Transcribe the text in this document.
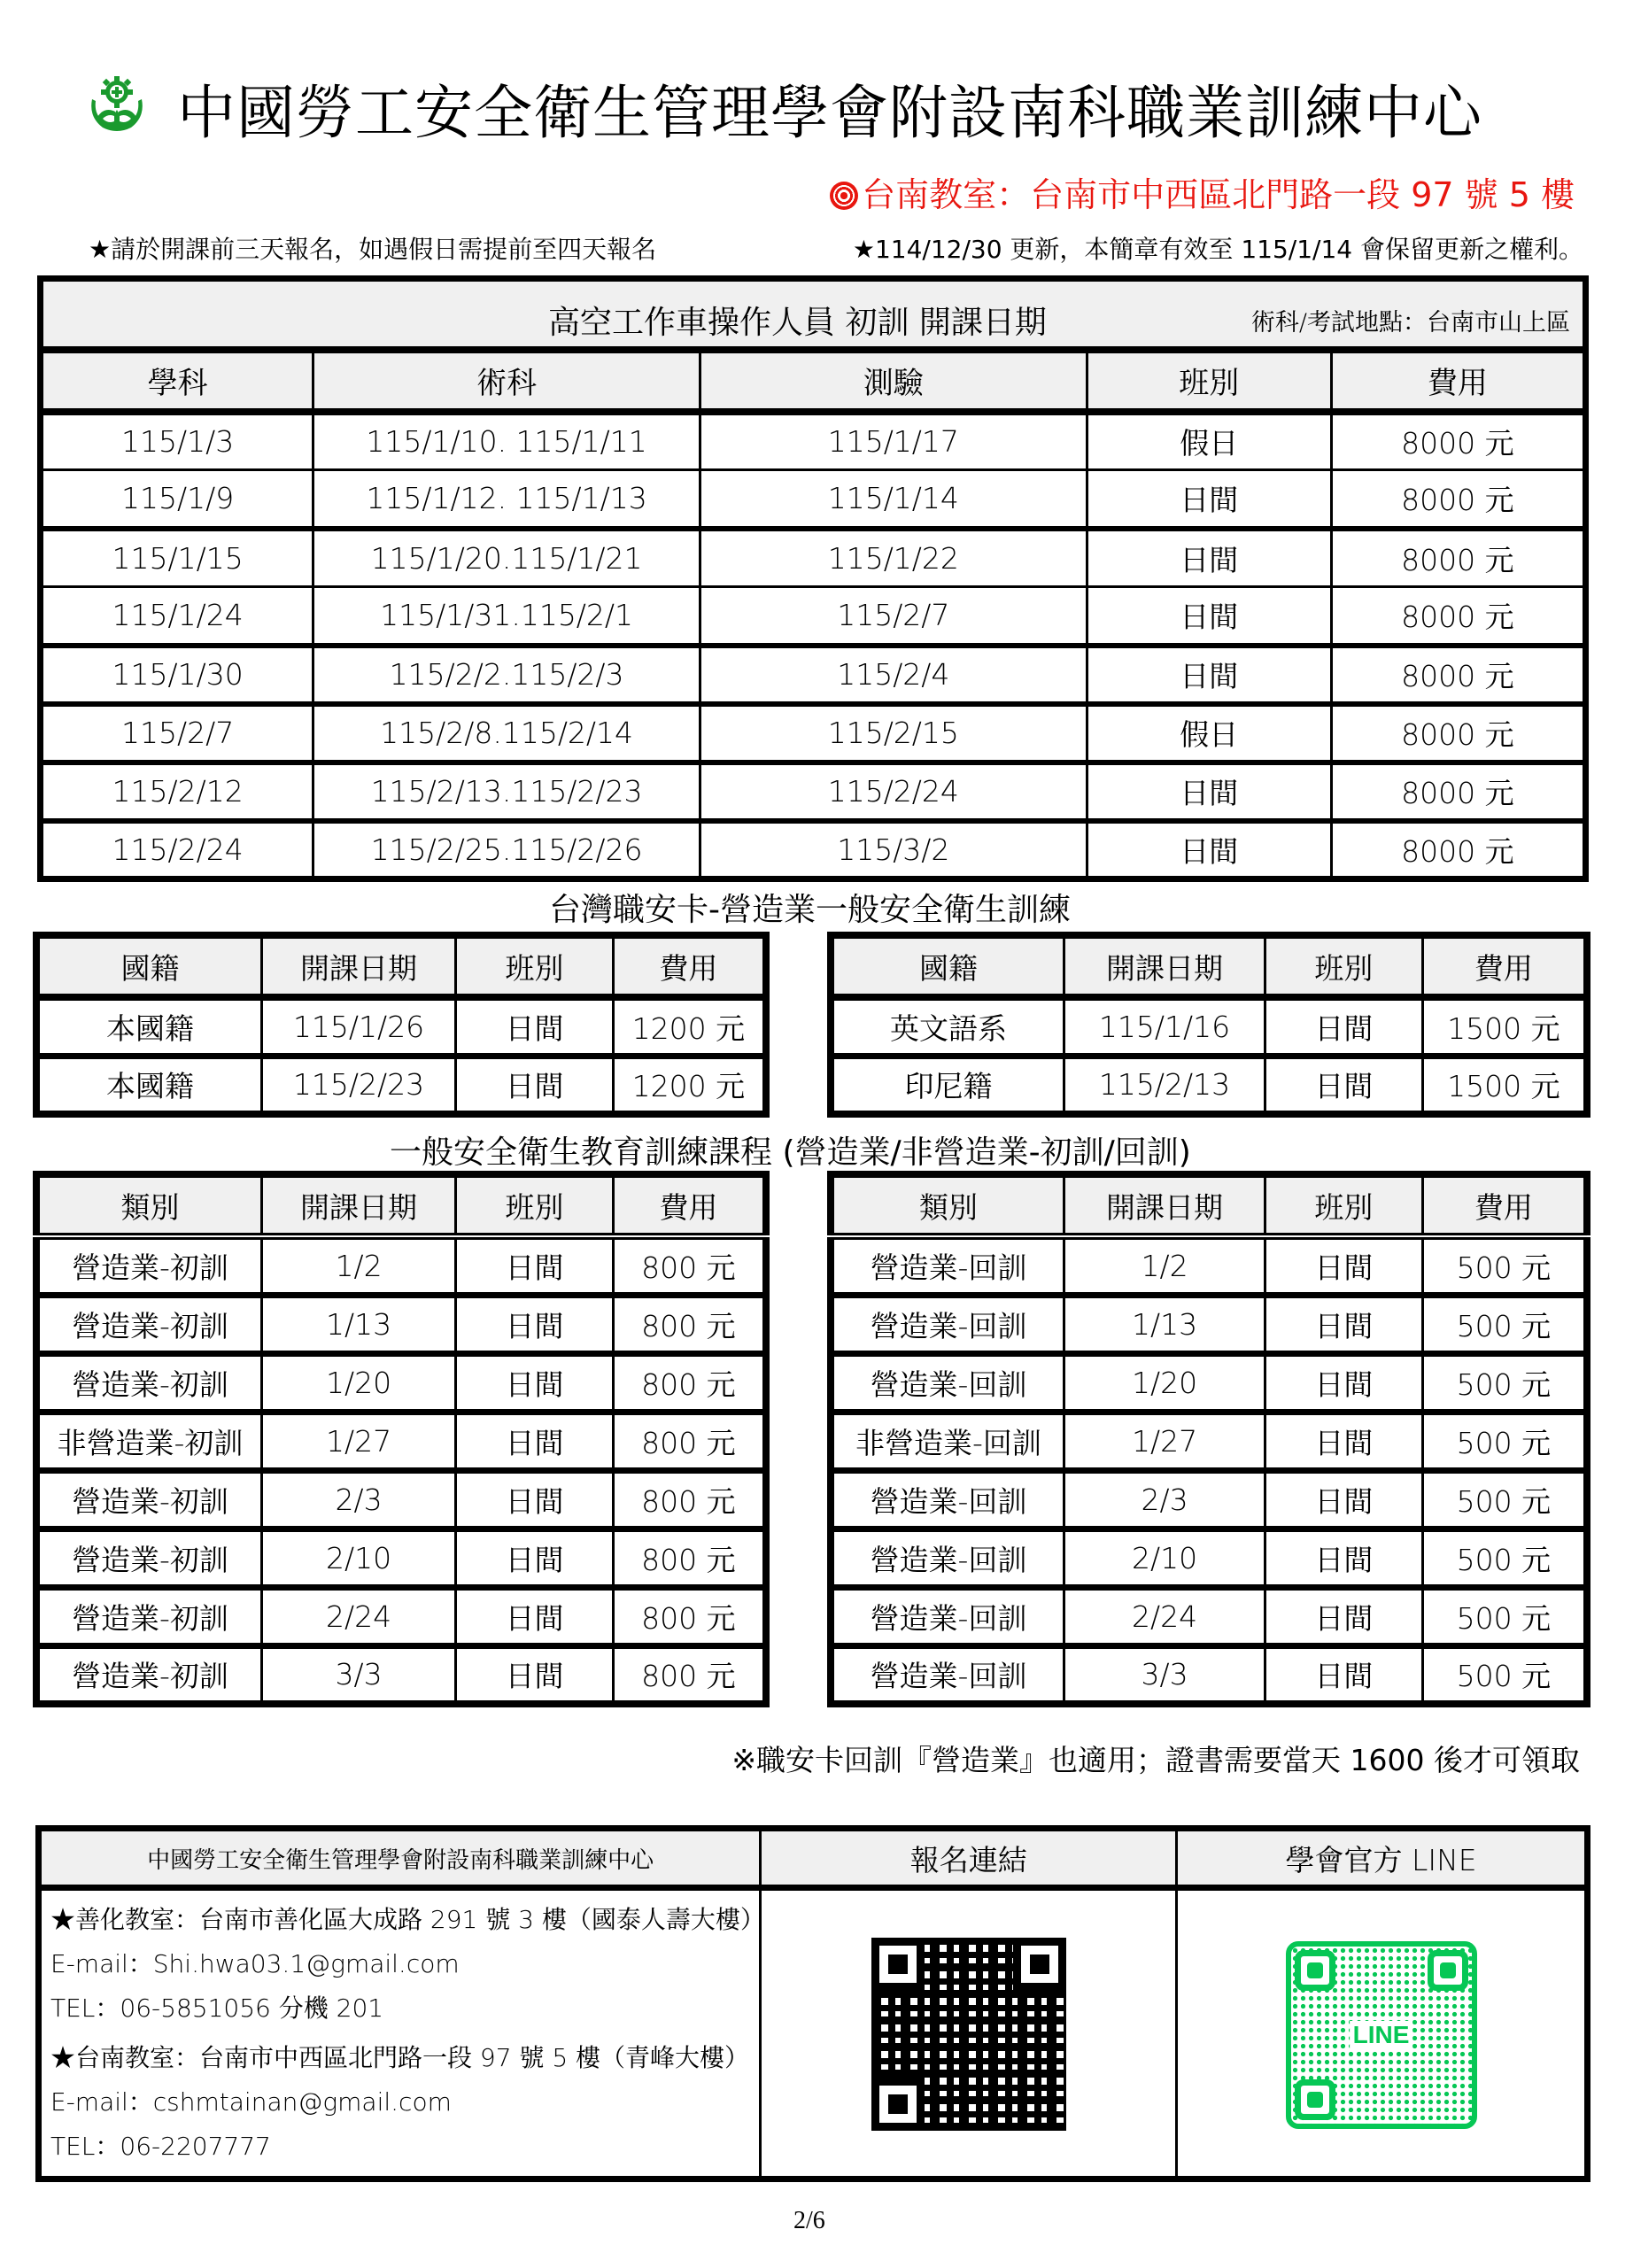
中國勞工安全衛生管理學會附設南科職業訓練中心
台南教室：台南市中西區北門路一段 97 號 5 樓
★請於開課前三天報名，如遇假日需提前至四天報名	★114/12/30 更新，本簡章有效至 115/1/14 會保留更新之權利。
高空工作車操作人員 初訓 開課日期 術科/考試地點：台南市山上區				

學科	術科	測驗	班別	費用
115/1/3	115/1/10. 115/1/11	115/1/17	假日	8000 元
115/1/9	115/1/12. 115/1/13	115/1/14	日間	8000 元
115/1/15	115/1/20.115/1/21	115/1/22	日間	8000 元
115/1/24	115/1/31.115/2/1	115/2/7	日間	8000 元
115/1/30	115/2/2.115/2/3	115/2/4	日間	8000 元
115/2/7	115/2/8.115/2/14	115/2/15	假日	8000 元
115/2/12	115/2/13.115/2/23	115/2/24	日間	8000 元
115/2/24	115/2/25.115/2/26	115/3/2	日間	8000 元
台灣職安卡-營造業一般安全衛生訓練
國籍	開課日期	班別	費用
本國籍	115/1/26	日間	1200 元
本國籍	115/2/23	日間	1200 元
國籍	開課日期	班別	費用
英文語系	115/1/16	日間	1500 元
印尼籍	115/2/13	日間	1500 元
一般安全衛生教育訓練課程 (營造業/非營造業-初訓/回訓)
類別	開課日期	班別	費用
營造業-初訓	1/2	日間	800 元
營造業-初訓	1/13	日間	800 元
營造業-初訓	1/20	日間	800 元
非營造業-初訓	1/27	日間	800 元
營造業-初訓	2/3	日間	800 元
營造業-初訓	2/10	日間	800 元
營造業-初訓	2/24	日間	800 元
營造業-初訓	3/3	日間	800 元
類別	開課日期	班別	費用
營造業-回訓	1/2	日間	500 元
營造業-回訓	1/13	日間	500 元
營造業-回訓	1/20	日間	500 元
非營造業-回訓	1/27	日間	500 元
營造業-回訓	2/3	日間	500 元
營造業-回訓	2/10	日間	500 元
營造業-回訓	2/24	日間	500 元
營造業-回訓	3/3	日間	500 元
※職安卡回訓『營造業』也適用；證書需要當天 1600 後才可領取
中國勞工安全衛生管理學會附設南科職業訓練中心	報名連結	學會官方 LINE

★善化教室：台南市善化區大成路 291 號 3 樓（國泰人壽大樓）
E-mail：Shi.hwa03.1@gmail.com
TEL：06-5851056 分機 201
★台南教室：台南市中西區北門路一段 97 號 5 樓（青峰大樓）
E-mail：cshmtainan@gmail.com
TEL：06-2207777

LINE
2/6
